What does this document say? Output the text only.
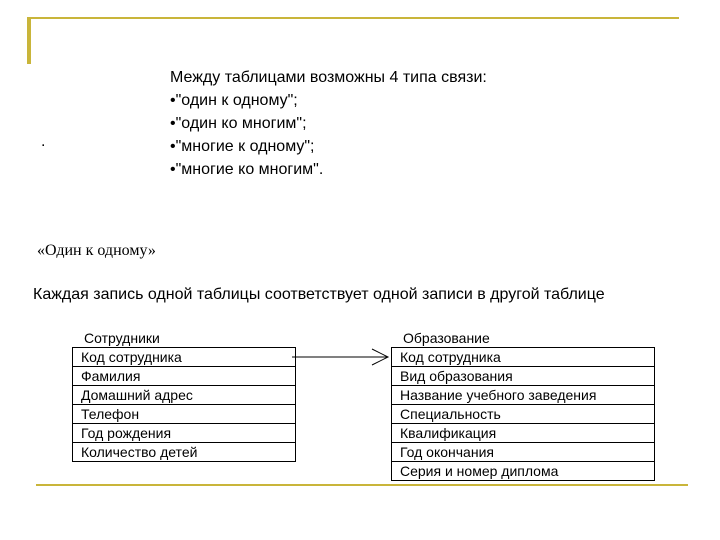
.
Между таблицами возможны 4 типа связи:
•"один к одному";
•"один ко многим";
•"многие к одному";
•"многие ко многим".
«Один к одному»
Каждая запись одной таблицы соответствует одной записи в другой таблице
Сотрудники
Код сотрудника
Фамилия
Домашний адрес
Телефон
Год рождения
Количество детей
Образование
Код сотрудника
Вид образования
Название учебного заведения
Специальность
Квалификация
Год окончания
Серия и номер диплома
